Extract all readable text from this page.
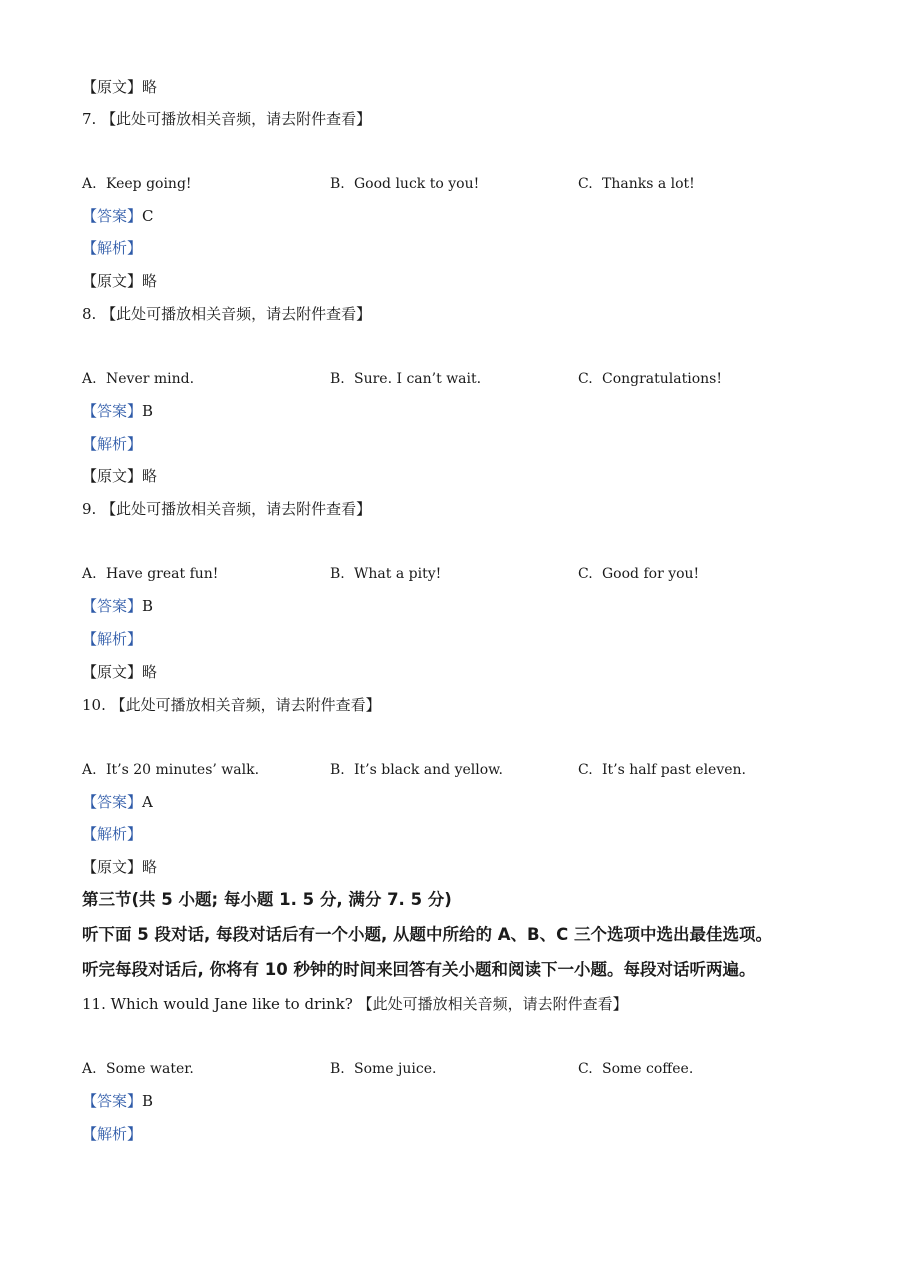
【原文】略
7. 【此处可播放相关音频，请去附件查看】
A. Keep going!	B. Good luck to you!	C. Thanks a lot!
【答案】C
【解析】
【原文】略
8. 【此处可播放相关音频，请去附件查看】
A. Never mind.	B. Sure. I can’t wait.	C. Congratulations!
【答案】B
【解析】
【原文】略
9. 【此处可播放相关音频，请去附件查看】
A. Have great fun!	B. What a pity!	C. Good for you!
【答案】B
【解析】
【原文】略
10. 【此处可播放相关音频，请去附件查看】
A. It’s 20 minutes’ walk.	B. It’s black and yellow.	C. It’s half past eleven.
【答案】A
【解析】
【原文】略
第三节(共 5 小题; 每小题 1. 5 分, 满分 7. 5 分)
听下面 5 段对话, 每段对话后有一个小题, 从题中所给的 A、B、C 三个选项中选出最佳选项。
听完每段对话后, 你将有 10 秒钟的时间来回答有关小题和阅读下一小题。每段对话听两遍。
11. Which would Jane like to drink? 【此处可播放相关音频，请去附件查看】
A. Some water.	B. Some juice.	C. Some coffee.
【答案】B
【解析】
